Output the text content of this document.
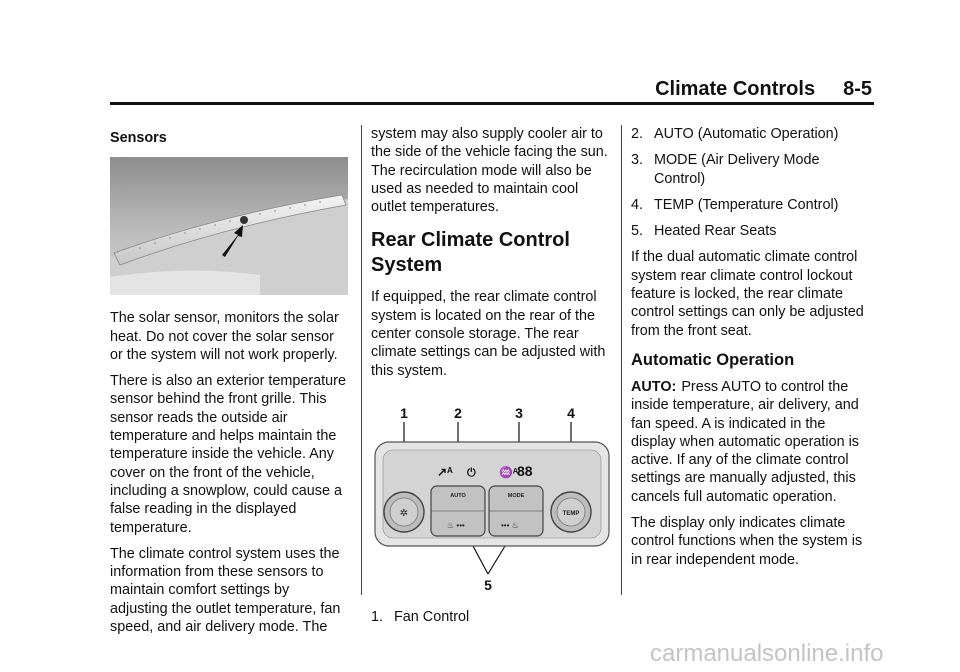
Climate Controls 8-5
Sensors

The solar sensor, monitors the solar heat. Do not cover the solar sensor or the system will not work properly.

There is also an exterior temperature sensor behind the front grille. This sensor reads the outside air temperature and helps maintain the temperature inside the vehicle. Any cover on the front of the vehicle, including a snowplow, could cause a false reading in the displayed temperature.

The climate control system uses the information from these sensors to maintain comfort settings by adjusting the outlet temperature, fan speed, and air delivery mode. The

system may also supply cooler air to the side of the vehicle facing the sun. The recirculation mode will also be used as needed to maintain cool outlet temperatures.

Rear Climate Control System

If equipped, the rear climate control system is located on the rear of the center console storage. The rear climate settings can be adjusted with this system.

1	2	3	4
5
↗ᴬ ⏻ ♒ᴬ
88
✲	TEMP
AUTO	MODE
♨ •••	••• ♨
1. Fan Control
2. AUTO (Automatic Operation)
3. MODE (Air Delivery Mode Control)
4. TEMP (Temperature Control)
5. Heated Rear Seats

If the dual automatic climate control system rear climate control lockout feature is locked, the rear climate control settings can only be adjusted from the front seat.

Automatic Operation

AUTO: Press AUTO to control the inside temperature, air delivery, and fan speed. A is indicated in the display when automatic operation is active. If any of the climate control settings are manually adjusted, this cancels full automatic operation.

The display only indicates climate control functions when the system is in rear independent mode.

carmanualsonline.info
